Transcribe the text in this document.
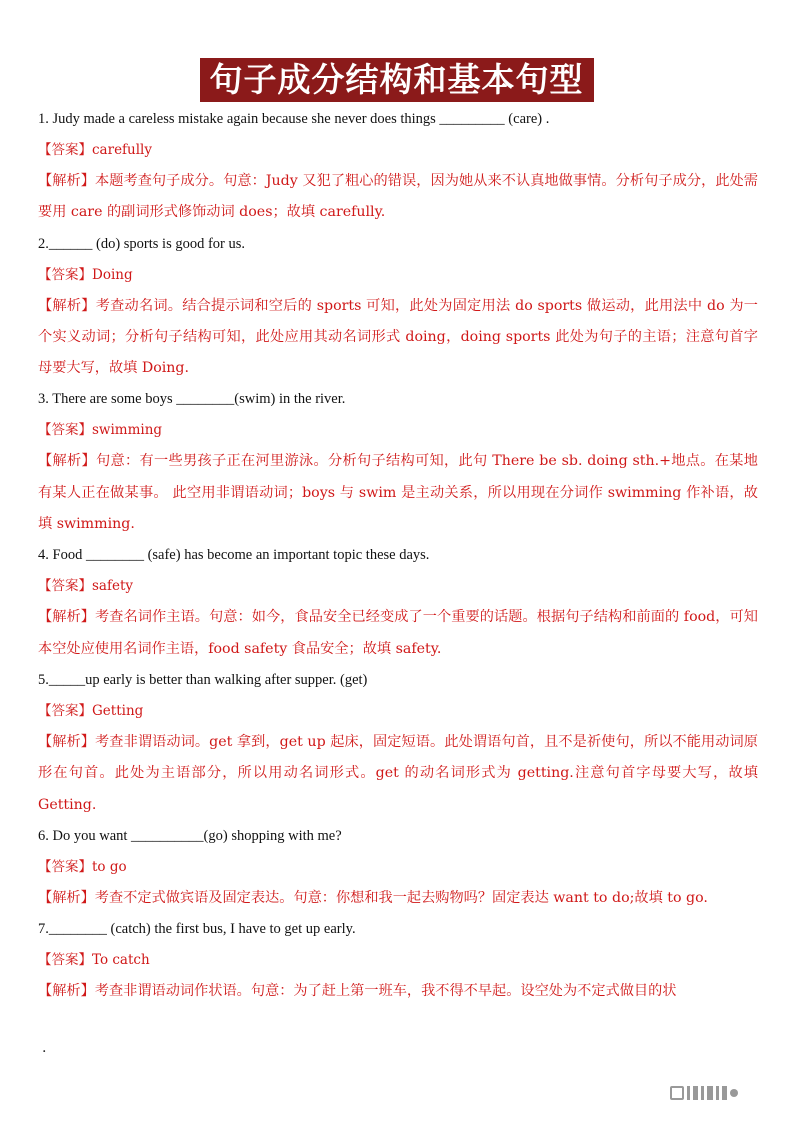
句子成分结构和基本句型
1. Judy made a careless mistake again because she never does things _________ (care) .
【答案】carefully
【解析】本题考查句子成分。句意：Judy 又犯了粗心的错误，因为她从来不认真地做事情。分析句子成分，此处需要用 care 的副词形式修饰动词 does；故填 carefully.
2.______ (do) sports is good for us.
【答案】Doing
【解析】考查动名词。结合提示词和空后的 sports 可知，此处为固定用法 do sports 做运动，此用法中 do 为一个实义动词；分析句子结构可知，此处应用其动名词形式 doing，doing sports 此处为句子的主语；注意句首字母要大写，故填 Doing.
3. There are some boys ________(swim) in the river.
【答案】swimming
【解析】句意：有一些男孩子正在河里游泳。分析句子结构可知，此句 There be sb. doing sth.+地点。在某地有某人正在做某事。 此空用非谓语动词；boys 与 swim 是主动关系，所以用现在分词作 swimming 作补语，故填 swimming.
4. Food ________ (safe) has become an important topic these days.
【答案】safety
【解析】考查名词作主语。句意：如今，食品安全已经变成了一个重要的话题。根据句子结构和前面的 food，可知本空处应使用名词作主语，food safety 食品安全；故填 safety.
5._____up early is better than walking after supper. (get)
【答案】Getting
【解析】考查非谓语动词。get 拿到，get up 起床，固定短语。此处谓语句首，且不是祈使句，所以不能用动词原形在句首。此处为主语部分，所以用动名词形式。get 的动名词形式为 getting.注意句首字母要大写，故填 Getting.
6. Do you want __________(go) shopping with me?
【答案】to go
【解析】考查不定式做宾语及固定表达。句意：你想和我一起去购物吗？固定表达 want to do;故填 to go.
7.________ (catch) the first bus, I have to get up early.
【答案】To catch
【解析】考查非谓语动词作状语。句意：为了赶上第一班车，我不得不早起。设空处为不定式做目的状
.
